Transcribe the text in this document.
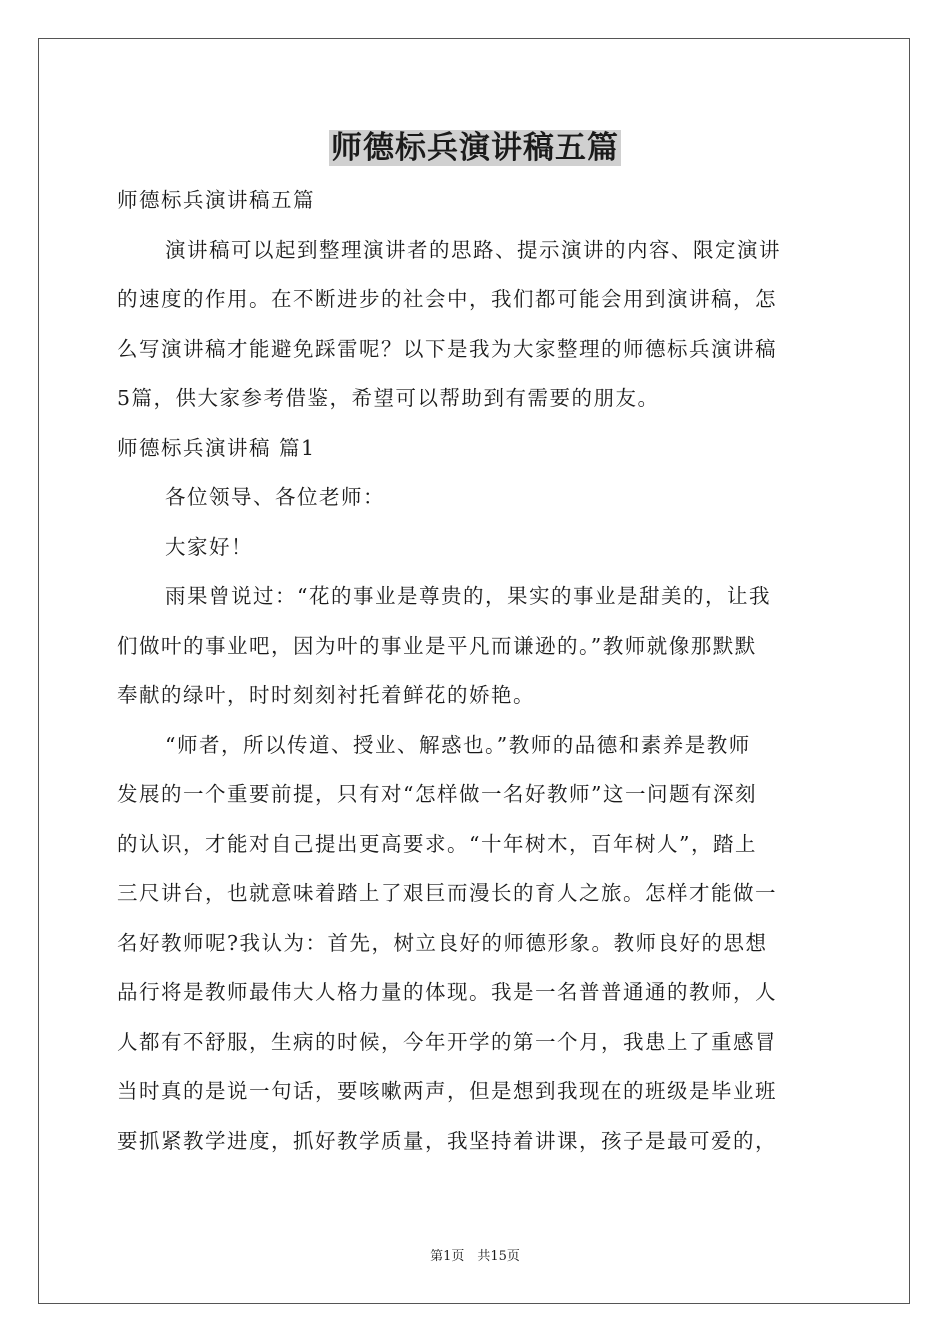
师德标兵演讲稿五篇
师德标兵演讲稿五篇
演讲稿可以起到整理演讲者的思路、提示演讲的内容、限定演讲
的速度的作用。在不断进步的社会中，我们都可能会用到演讲稿，怎
么写演讲稿才能避免踩雷呢？以下是我为大家整理的师德标兵演讲稿
5篇，供大家参考借鉴，希望可以帮助到有需要的朋友。
师德标兵演讲稿 篇1
各位领导、各位老师：
大家好！
雨果曾说过：“花的事业是尊贵的，果实的事业是甜美的，让我
们做叶的事业吧，因为叶的事业是平凡而谦逊的。”教师就像那默默
奉献的绿叶，时时刻刻衬托着鲜花的娇艳。
“师者，所以传道、授业、解惑也。”教师的品德和素养是教师
发展的一个重要前提，只有对“怎样做一名好教师”这一问题有深刻
的认识，才能对自己提出更高要求。“十年树木，百年树人”，踏上
三尺讲台，也就意味着踏上了艰巨而漫长的育人之旅。怎样才能做一
名好教师呢?我认为：首先，树立良好的师德形象。教师良好的思想
品行将是教师最伟大人格力量的体现。我是一名普普通通的教师，人
人都有不舒服，生病的时候，今年开学的第一个月，我患上了重感冒
当时真的是说一句话，要咳嗽两声，但是想到我现在的班级是毕业班
要抓紧教学进度，抓好教学质量，我坚持着讲课，孩子是最可爱的，
第1页　共15页
